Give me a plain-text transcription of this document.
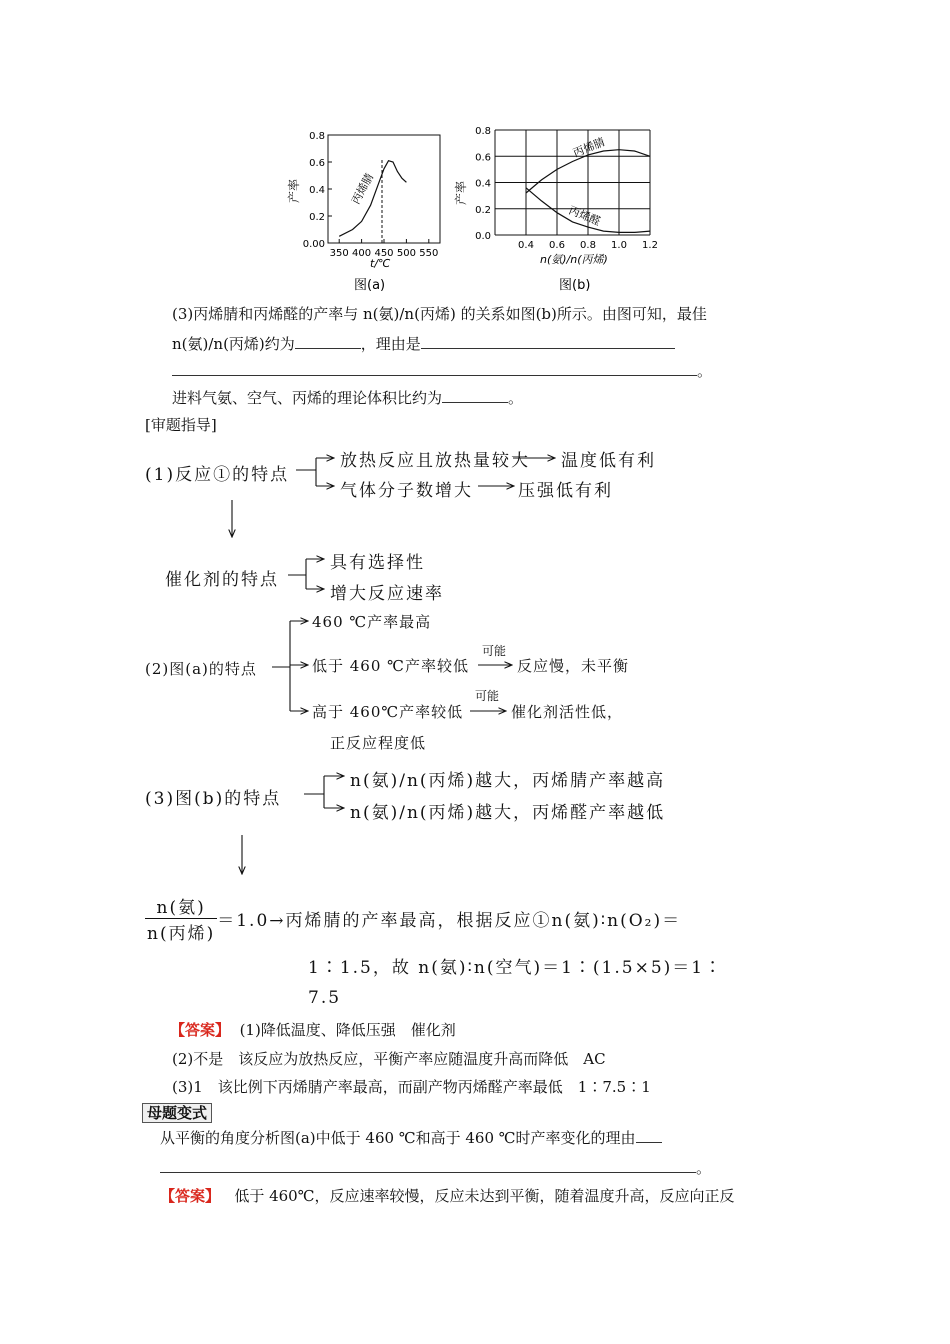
0.00
0.2
0.4
0.6
0.8
350 400 450 500 550
产率
t/℃
丙烯腈
图(a)
0.0
0.2
0.4
0.6
0.8
0.4 0.6 0.8 1.0 1.2
产率
n(氨)/n(丙烯)
丙烯腈
丙烯醛
图(b)
(3)丙烯腈和丙烯醛的产率与 n(氨)/n(丙烯) 的关系如图(b)所示。由图可知，最佳
n(氨)/n(丙烯)约为	，理由是
。
进料气氨、空气、丙烯的理论体积比约为	。
[审题指导]
(1)反应①的特点
放热反应且放热量较大 温度低有利
气体分子数增大	压强低有利
催化剂的特点
具有选择性
增大反应速率
(2)图(a)的特点
460 ℃产率最高
低于 460 ℃产率较低
可能
反应慢，未平衡
高于 460℃产率较低
可能
催化剂活性低，
正反应程度低
(3)图(b)的特点
n(氨)/n(丙烯)越大，丙烯腈产率越高
n(氨)/n(丙烯)越大，丙烯醛产率越低
$\frac{\text{n(氨)}}{\text{n(丙烯)}} =1.0\to$丙烯腈的产率最高，根据反应①n(氨)∶n(O₂)＝
1∶1.5，故 n(氨)∶n(空气)＝1∶(1.5×5)＝1∶
7.5
【答案】 (1)降低温度、降低压强　催化剂
(2)不是　该反应为放热反应，平衡产率应随温度升高而降低　AC
(3)1　该比例下丙烯腈产率最高，而副产物丙烯醛产率最低　1∶7.5∶1
母题变式
从平衡的角度分析图(a)中低于 460 ℃和高于 460 ℃时产率变化的理由
。
【答案】 低于 460℃，反应速率较慢，反应未达到平衡，随着温度升高，反应向正反
